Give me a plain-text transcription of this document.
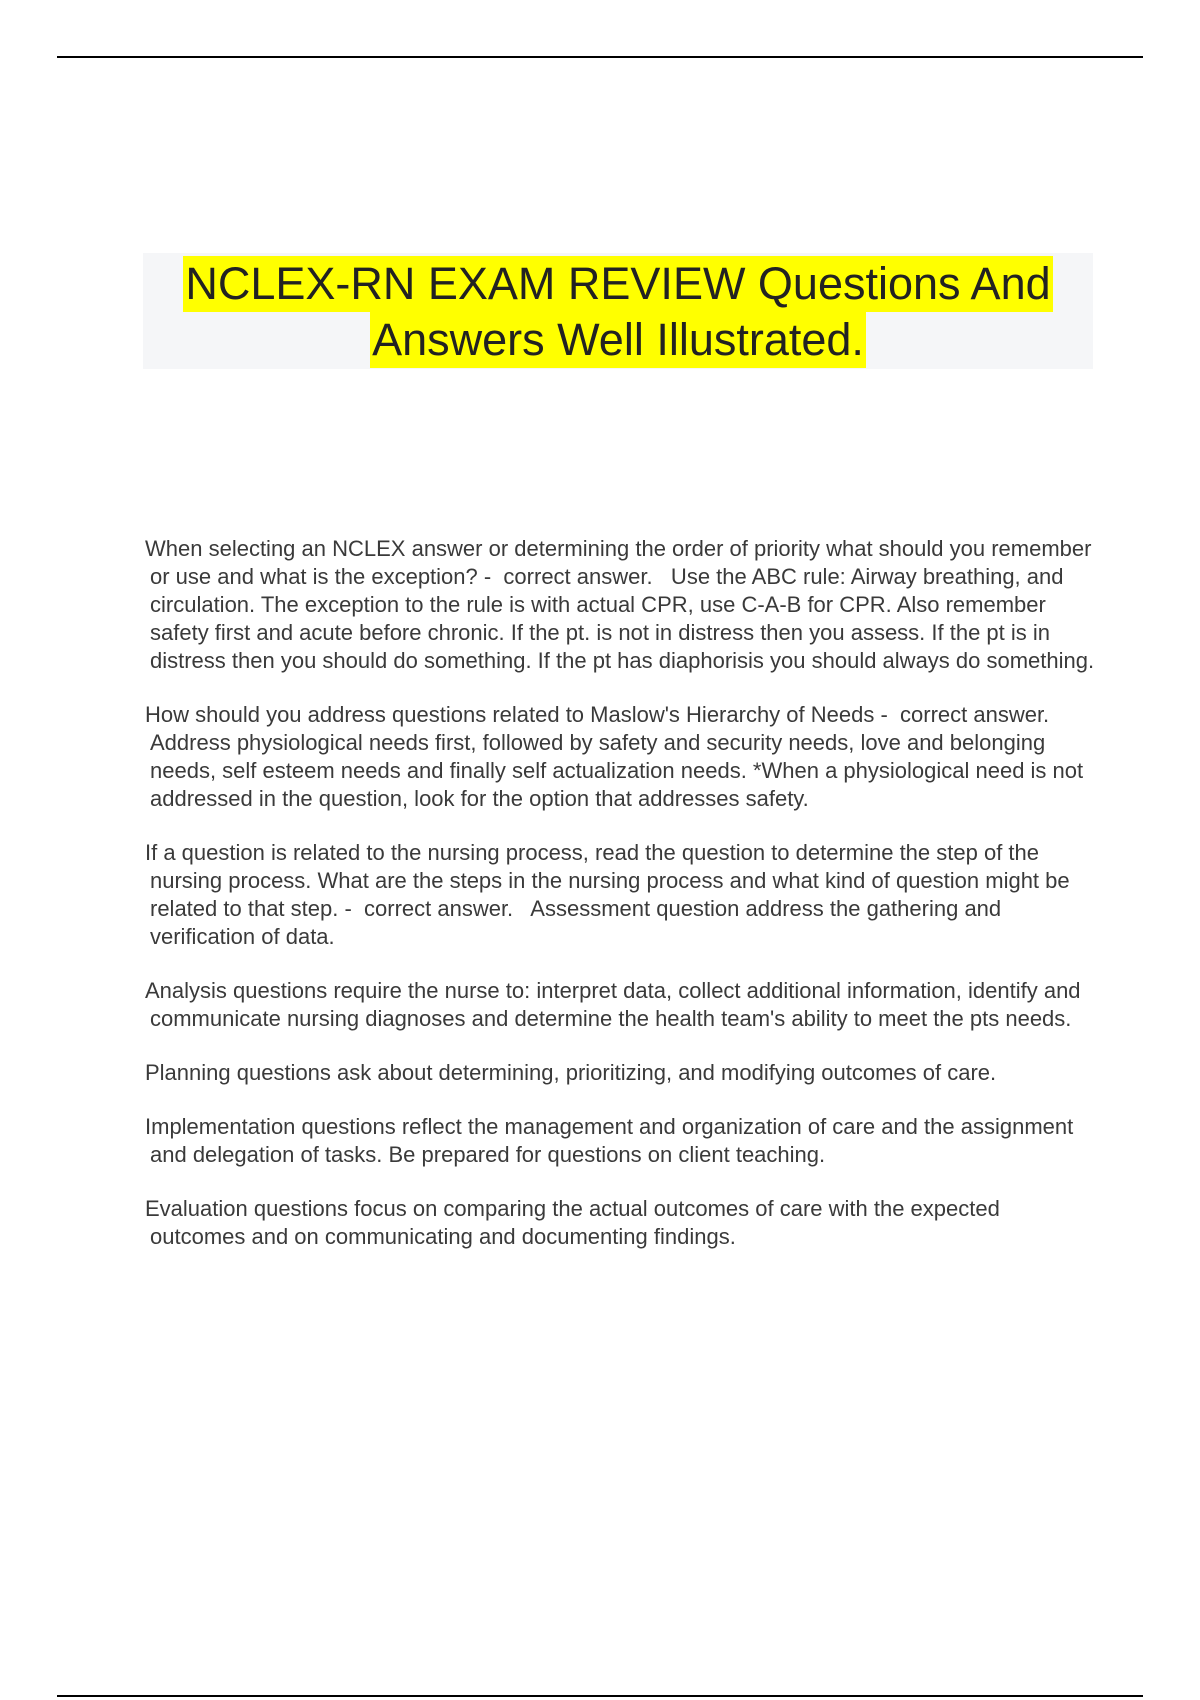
NCLEX-RN EXAM REVIEW Questions And
Answers Well Illustrated.

When selecting an NCLEX answer or determining the order of priority what should you remember or use and what is the exception? -  correct answer.   Use the ABC rule: Airway breathing, and circulation. The exception to the rule is with actual CPR, use C-A-B for CPR. Also remember safety first and acute before chronic. If the pt. is not in distress then you assess. If the pt is in distress then you should do something. If the pt has diaphorisis you should always do something.

How should you address questions related to Maslow's Hierarchy of Needs -  correct answer.   Address physiological needs first, followed by safety and security needs, love and belonging needs, self esteem needs and finally self actualization needs. *When a physiological need is not addressed in the question, look for the option that addresses safety.

If a question is related to the nursing process, read the question to determine the step of the nursing process. What are the steps in the nursing process and what kind of question might be related to that step. -  correct answer.   Assessment question address the gathering and verification of data.

Analysis questions require the nurse to: interpret data, collect additional information, identify and communicate nursing diagnoses and determine the health team's ability to meet the pts needs.

Planning questions ask about determining, prioritizing, and modifying outcomes of care.

Implementation questions reflect the management and organization of care and the assignment and delegation of tasks. Be prepared for questions on client teaching.

Evaluation questions focus on comparing the actual outcomes of care with the expected outcomes and on communicating and documenting findings.
